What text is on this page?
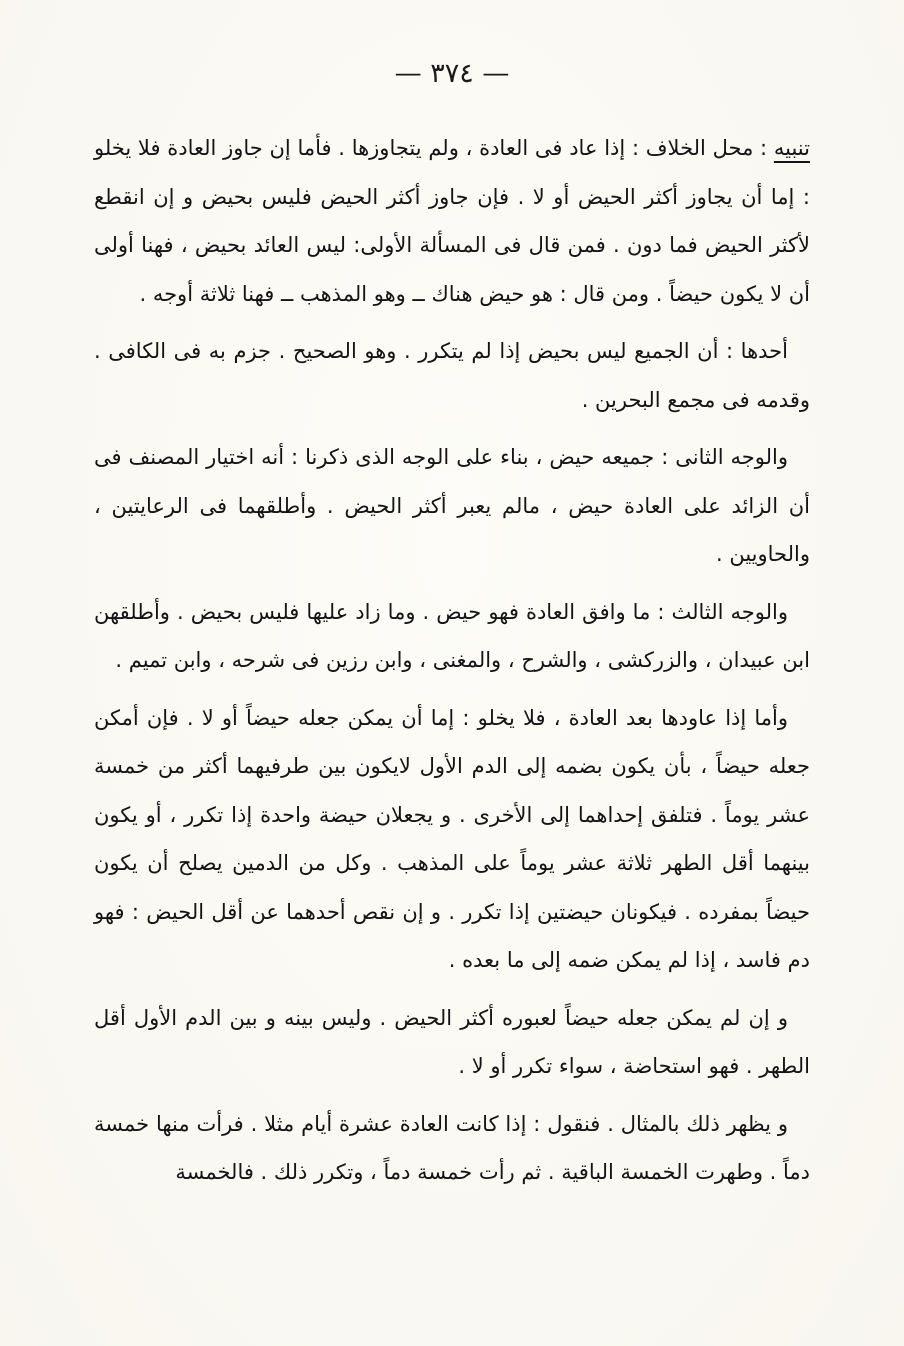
— ٣٧٤ —

تنبيه : محل الخلاف : إذا عاد فى العادة ، ولم يتجاوزها . فأما إن جاوز العادة فلا يخلو : إما أن يجاوز أكثر الحيض أو لا . فإن جاوز أكثر الحيض فليس بحيض و إن انقطع لأكثر الحيض فما دون . فمن قال فى المسألة الأولى: ليس العائد بحيض ، فهنا أولى أن لا يكون حيضاً . ومن قال : هو حيض هناك ــ وهو المذهب ــ فهنا ثلاثة أوجه .

أحدها : أن الجميع ليس بحيض إذا لم يتكرر . وهو الصحيح . جزم به فى الكافى . وقدمه فى مجمع البحرين .

والوجه الثانى : جميعه حيض ، بناء على الوجه الذى ذكرنا : أنه اختيار المصنف فى أن الزائد على العادة حيض ، مالم يعبر أكثر الحيض . وأطلقهما فى الرعايتين ، والحاويين .

والوجه الثالث : ما وافق العادة فهو حيض . وما زاد عليها فليس بحيض . وأطلقهن ابن عبيدان ، والزركشى ، والشرح ، والمغنى ، وابن رزين فى شرحه ، وابن تميم .

وأما إذا عاودها بعد العادة ، فلا يخلو : إما أن يمكن جعله حيضاً أو لا . فإن أمكن جعله حيضاً ، بأن يكون بضمه إلى الدم الأول لايكون بين طرفيهما أكثر من خمسة عشر يوماً . فتلفق إحداهما إلى الأخرى . و يجعلان حيضة واحدة إذا تكرر ، أو يكون بينهما أقل الطهر ثلاثة عشر يوماً على المذهب . وكل من الدمين يصلح أن يكون حيضاً بمفرده . فيكونان حيضتين إذا تكرر . و إن نقص أحدهما عن أقل الحيض : فهو دم فاسد ، إذا لم يمكن ضمه إلى ما بعده .

و إن لم يمكن جعله حيضاً لعبوره أكثر الحيض . وليس بينه و بين الدم الأول أقل الطهر . فهو استحاضة ، سواء تكرر أو لا .

و يظهر ذلك بالمثال . فنقول : إذا كانت العادة عشرة أيام مثلا . فرأت منها خمسة دماً . وطهرت الخمسة الباقية . ثم رأت خمسة دماً ، وتكرر ذلك . فالخمسة
